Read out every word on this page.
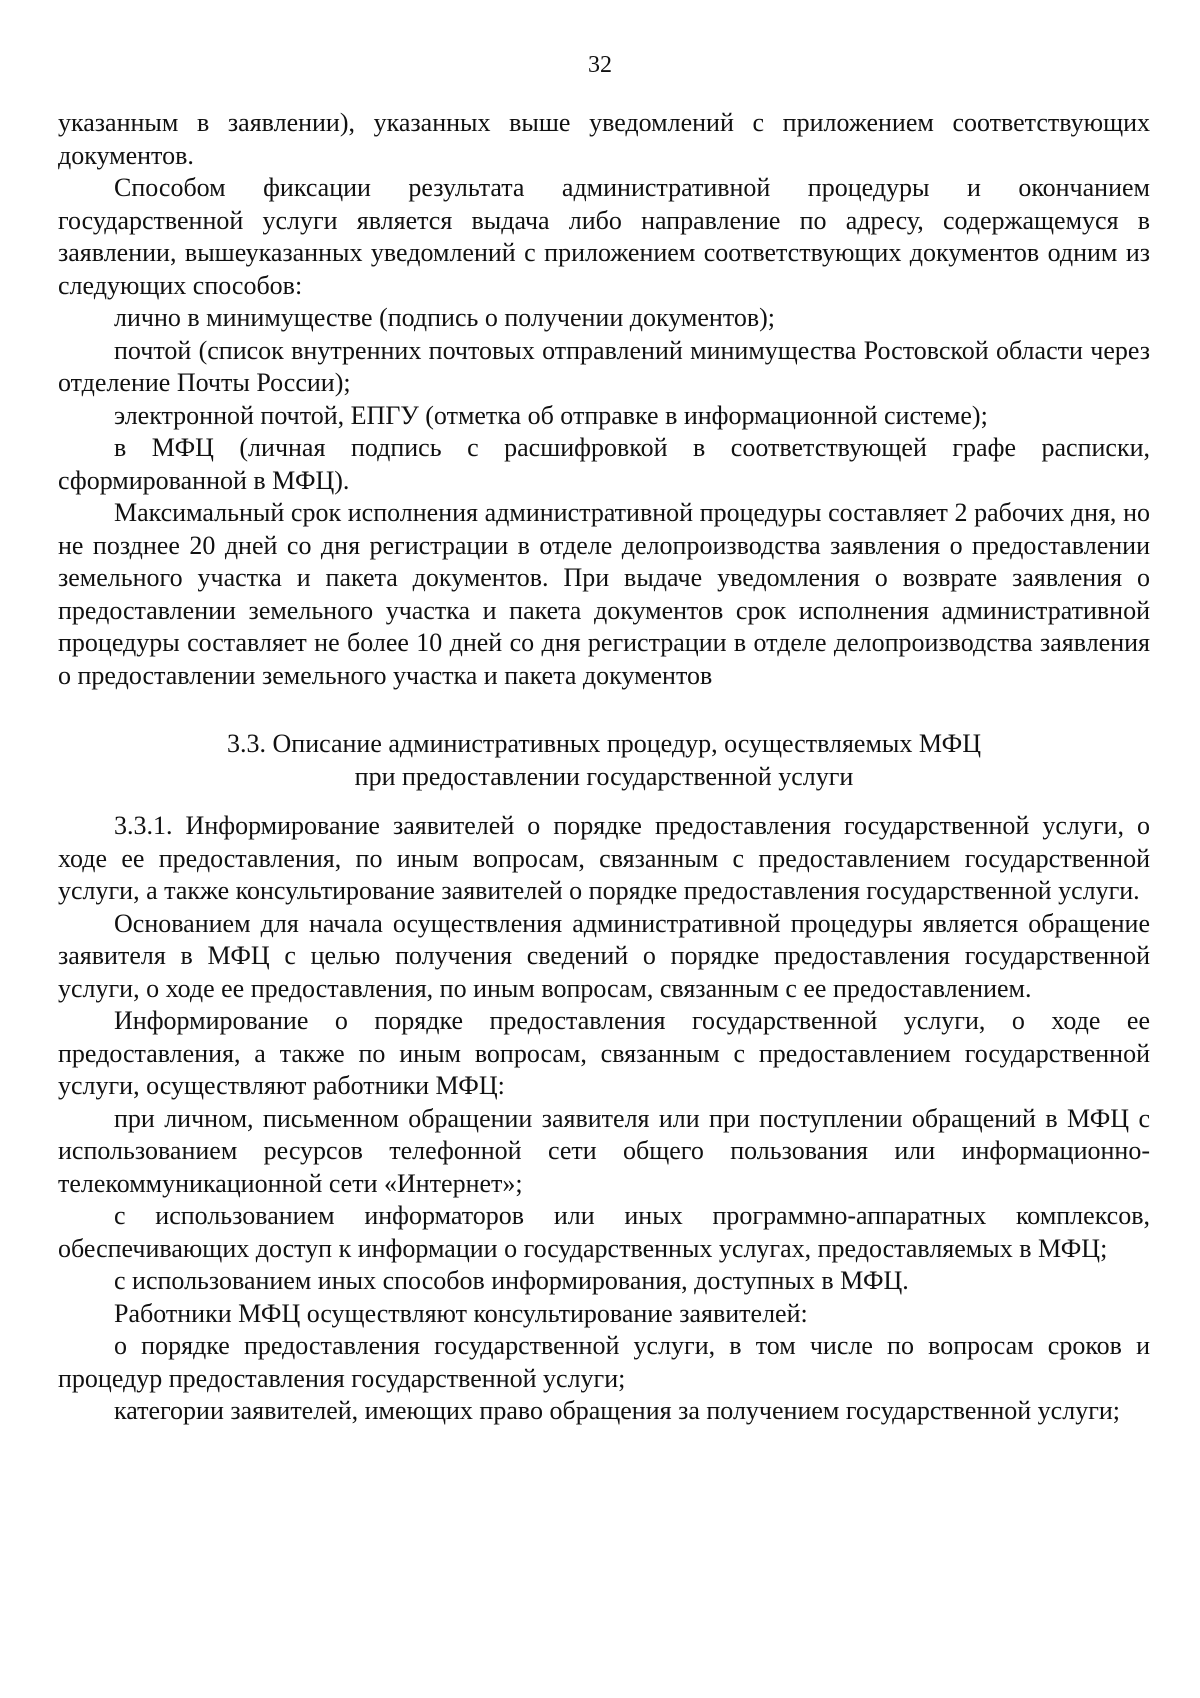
32

указанным в заявлении), указанных выше уведомлений с приложением соответствующих документов.

Способом фиксации результата административной процедуры и окончанием государственной услуги является выдача либо направление по адресу, содержащемуся в заявлении, вышеуказанных уведомлений с приложением соответствующих документов одним из следующих способов:

лично в минимуществе (подпись о получении документов);

почтой (список внутренних почтовых отправлений минимущества Ростовской области через отделение Почты России);

электронной почтой, ЕПГУ (отметка об отправке в информационной системе);

в МФЦ (личная подпись с расшифровкой в соответствующей графе расписки, сформированной в МФЦ).

Максимальный срок исполнения административной процедуры составляет 2 рабочих дня, но не позднее 20 дней со дня регистрации в отделе делопроизводства заявления о предоставлении земельного участка и пакета документов. При выдаче уведомления о возврате заявления о предоставлении земельного участка и пакета документов срок исполнения административной процедуры составляет не более 10 дней со дня регистрации в отделе делопроизводства заявления о предоставлении земельного участка и пакета документов

3.3. Описание административных процедур, осуществляемых МФЦ
при предоставлении государственной услуги

3.3.1. Информирование заявителей о порядке предоставления государственной услуги, о ходе ее предоставления, по иным вопросам, связанным с предоставлением государственной услуги, а также консультирование заявителей о порядке предоставления государственной услуги.

Основанием для начала осуществления административной процедуры является обращение заявителя в МФЦ с целью получения сведений о порядке предоставления государственной услуги, о ходе ее предоставления, по иным вопросам, связанным с ее предоставлением.

Информирование о порядке предоставления государственной услуги, о ходе ее предоставления, а также по иным вопросам, связанным с предоставлением государственной услуги, осуществляют работники МФЦ:

при личном, письменном обращении заявителя или при поступлении обращений в МФЦ с использованием ресурсов телефонной сети общего пользования или информационно-телекоммуникационной сети «Интернет»;

с использованием информаторов или иных программно-аппаратных комплексов, обеспечивающих доступ к информации о государственных услугах, предоставляемых в МФЦ;

с использованием иных способов информирования, доступных в МФЦ.

Работники МФЦ осуществляют консультирование заявителей:

о порядке предоставления государственной услуги, в том числе по вопросам сроков и процедур предоставления государственной услуги;

категории заявителей, имеющих право обращения за получением государственной услуги;
